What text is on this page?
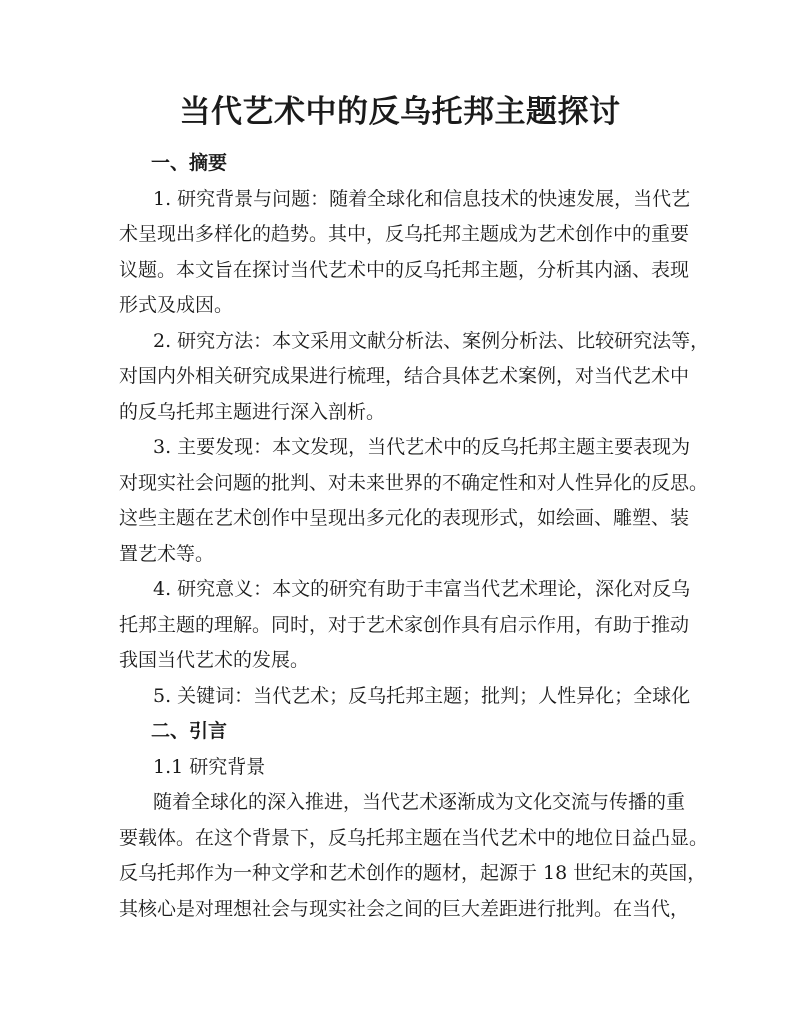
当代艺术中的反乌托邦主题探讨
一、摘要

1. 研究背景与问题：随着全球化和信息技术的快速发展，当代艺

术呈现出多样化的趋势。其中，反乌托邦主题成为艺术创作中的重要

议题。本文旨在探讨当代艺术中的反乌托邦主题，分析其内涵、表现

形式及成因。

2. 研究方法：本文采用文献分析法、案例分析法、比较研究法等，

对国内外相关研究成果进行梳理，结合具体艺术案例，对当代艺术中

的反乌托邦主题进行深入剖析。

3. 主要发现：本文发现，当代艺术中的反乌托邦主题主要表现为

对现实社会问题的批判、对未来世界的不确定性和对人性异化的反思。

这些主题在艺术创作中呈现出多元化的表现形式，如绘画、雕塑、装

置艺术等。

4. 研究意义：本文的研究有助于丰富当代艺术理论，深化对反乌

托邦主题的理解。同时，对于艺术家创作具有启示作用，有助于推动

我国当代艺术的发展。

5. 关键词：当代艺术；反乌托邦主题；批判；人性异化；全球化

二、引言

1.1 研究背景

随着全球化的深入推进，当代艺术逐渐成为文化交流与传播的重

要载体。在这个背景下，反乌托邦主题在当代艺术中的地位日益凸显。

反乌托邦作为一种文学和艺术创作的题材，起源于 18 世纪末的英国，

其核心是对理想社会与现实社会之间的巨大差距进行批判。在当代，
